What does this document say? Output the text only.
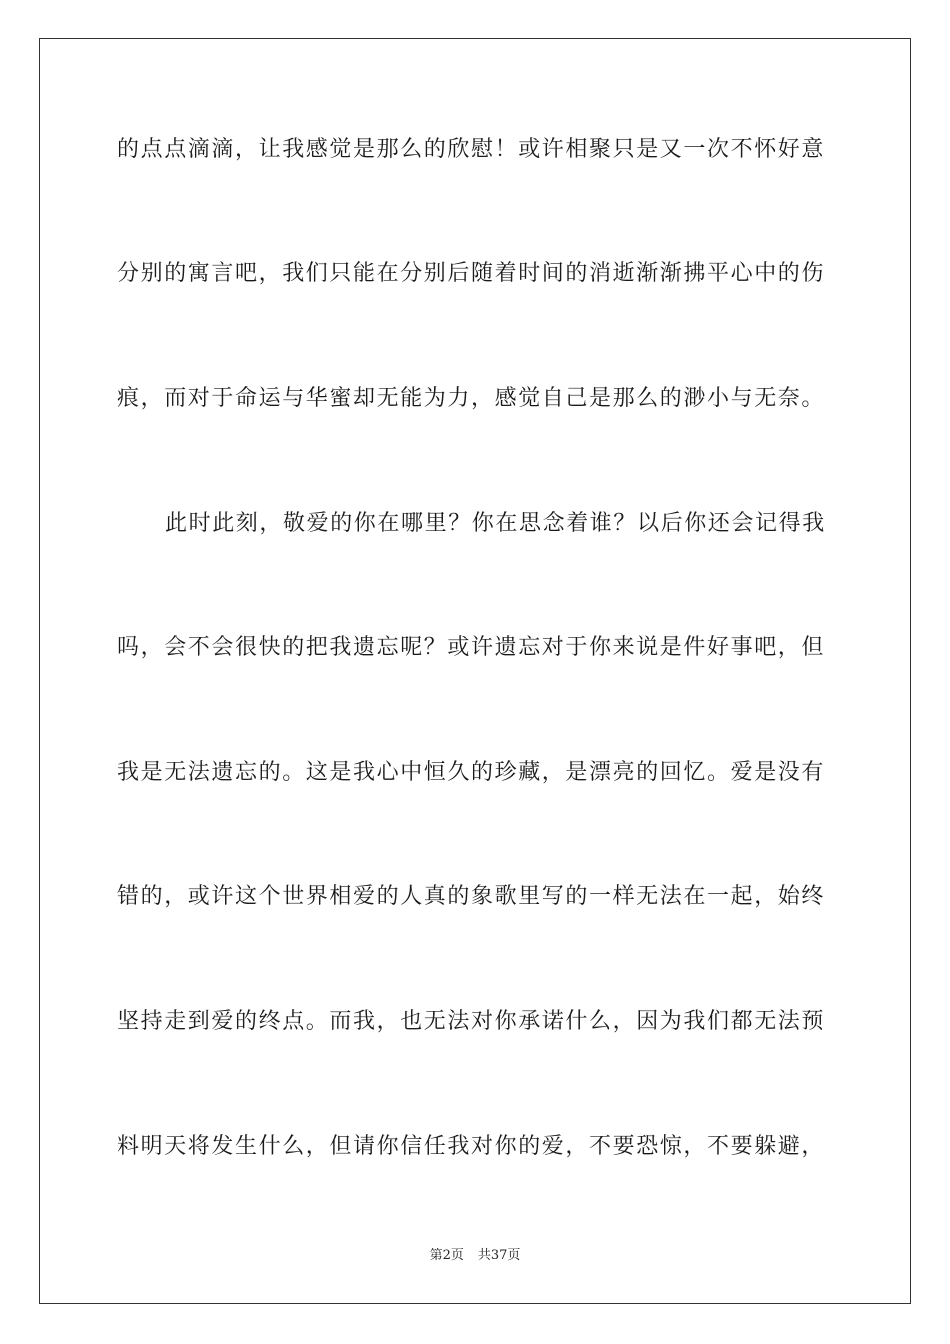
的点点滴滴，让我感觉是那么的欣慰！或许相聚只是又一次不怀好意
分别的寓言吧，我们只能在分别后随着时间的消逝渐渐拂平心中的伤
痕，而对于命运与华蜜却无能为力，感觉自己是那么的渺小与无奈。
此时此刻，敬爱的你在哪里？你在思念着谁？以后你还会记得我
吗，会不会很快的把我遗忘呢？或许遗忘对于你来说是件好事吧，但
我是无法遗忘的。这是我心中恒久的珍藏，是漂亮的回忆。爱是没有
错的，或许这个世界相爱的人真的象歌里写的一样无法在一起，始终
坚持走到爱的终点。而我，也无法对你承诺什么，因为我们都无法预
料明天将发生什么，但请你信任我对你的爱，不要恐惊，不要躲避，
第2页 共37页
